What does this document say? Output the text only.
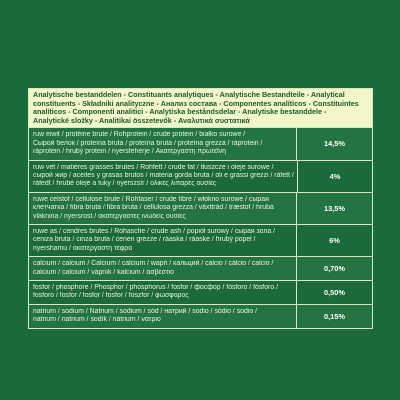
Analytische bestanddelen - Constituants analytiques - Analytische Bestandteile - Analytical
constituents - Składniki analityczne - Анализ состава - Componentes analíticos - Constituintes
analíticos - Componenti analitici - Analytiska beståndsdelar - Analytiske bestanddele -
Analytické složky - Analitikai összetevők - Αναλυτικά συστατικά
ruw eiwit / protéine brute / Rohprotein / crude protein / białko surowe /
Сырой белок / proteína bruta / proteína bruta / proteína grezza / råprotein /
råprotein / hrubý protein / nyersfehérje / Ακατέργαστη πρωτεΐνη
14,5%
ruw vet / matières grasses brutes / Rohfett / crude fat / tłuszcze i oleje surowe /
сырой жир / aceites y grasas brutos / matéria gorda bruta / oli e grassi grezzi / råfett /
råfedt / hrubé oleje a tuky / nyerszsír / ολικές λιπαρές ουσίες
4%
ruwe celstof / cellulose brute / Rohfaser / crude fibre / włókno surowe / сырая
клетчатка / fibra bruta / fibra bruta / cellulosa grezza / växttråd / træstof / hrubá
vláknina / nyersrost / ακατέργαστες ινώδεις ουσίες
13,5%
ruwe as / cendres brutes / Rohasche / crude ash / popiół surowy / сырая зола /
ceniza bruta / cinza bruta / ceneri grezze / råaska / råaske / hrubý popel /
nyershamu / ακατέργαστη τέφρα
6%
calcium / calcium / Calcium / calcium / wapń / кальций / calcio / cálcio / calcio /
calcium / calcium / vápník / kalcium / ασβέστιο	0,70%
fosfor / phosphore / Phosphor / phosphorus / fosfor / фосфор / fósforo / fósforo /
fosforo / fosfor / fosfor / fosfor / foszfor / φώσφορος	0,50%
natrium / sodium / Natrium / sodium / sód / натрий / sodio / sódio / sodio /
natrium / natrium / sodík / nátrium / νάτριο	0,15%
